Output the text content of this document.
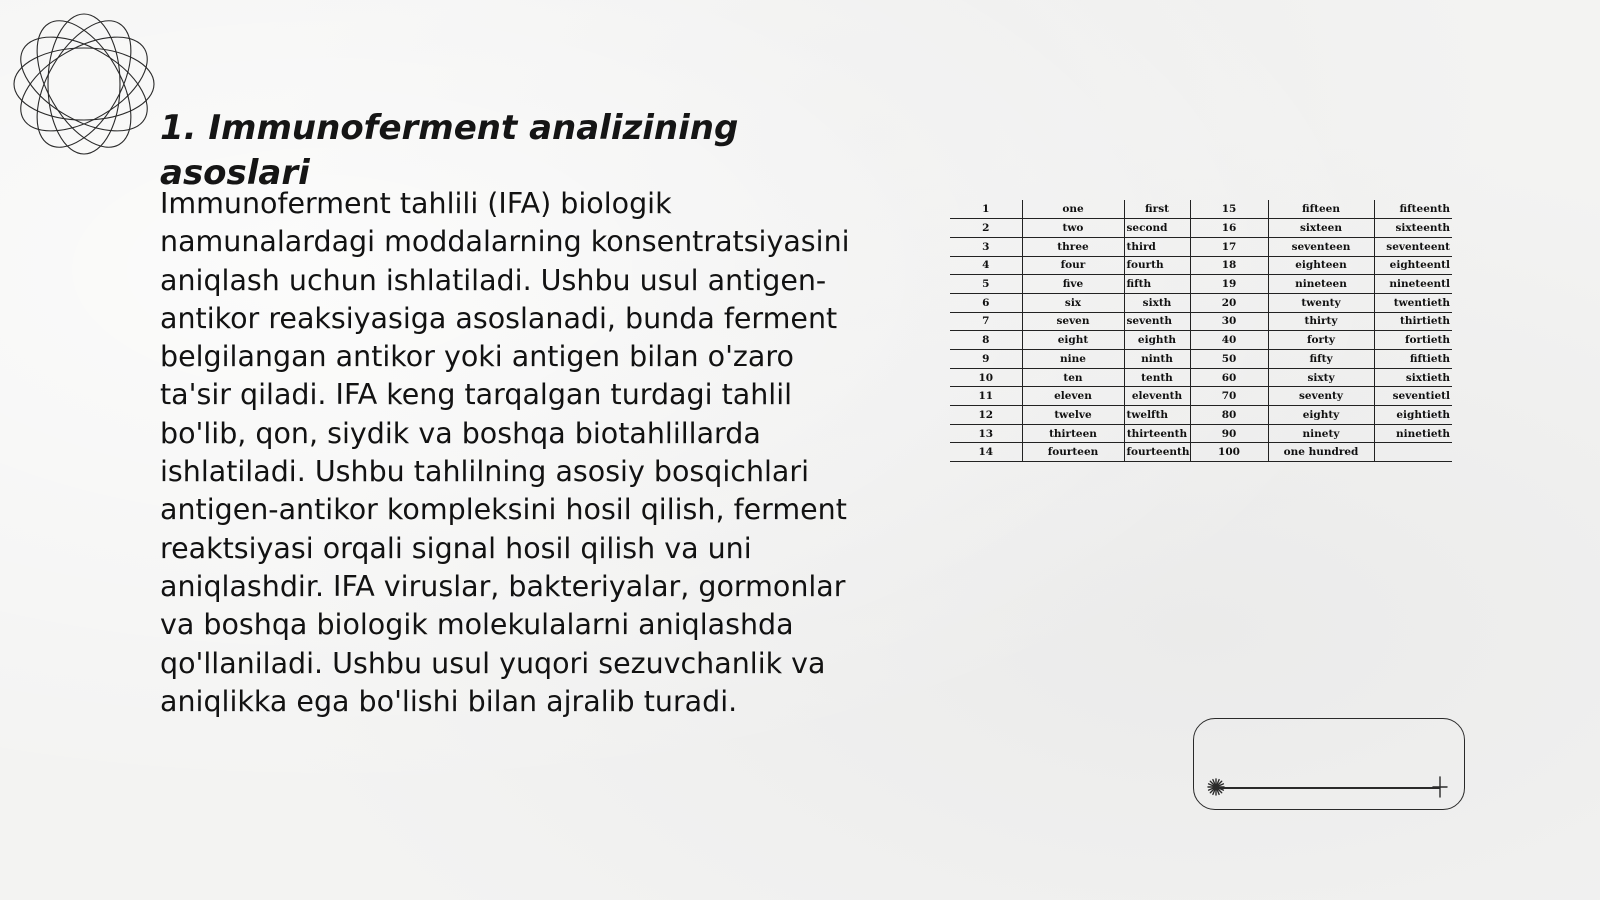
1. Immunoferment analizining asoslari

Immunoferment tahlili (IFA) biologik namunalardagi moddalarning konsentratsiyasini aniqlash uchun ishlatiladi. Ushbu usul antigen-antikor reaksiyasiga asoslanadi, bunda ferment belgilangan antikor yoki antigen bilan o'zaro ta'sir qiladi. IFA keng tarqalgan turdagi tahlil bo'lib, qon, siydik va boshqa biotahlillarda ishlatiladi. Ushbu tahlilning asosiy bosqichlari antigen-antikor kompleksini hosil qilish, ferment reaktsiyasi orqali signal hosil qilish va uni aniqlashdir. IFA viruslar, bakteriyalar, gormonlar va boshqa biologik molekulalarni aniqlashda qo'llaniladi. Ushbu usul yuqori sezuvchanlik va aniqlikka ega bo'lishi bilan ajralib turadi.

1	one	first	15	fifteen	fifteenth
2	two	second	16	sixteen	sixteenth
3	three	third	17	seventeen	seventeent
4	four	fourth	18	eighteen	eighteentl
5	five	fifth	19	nineteen	nineteentl
6	six	sixth	20	twenty	twentieth
7	seven	seventh	30	thirty	thirtieth
8	eight	eighth	40	forty	fortieth
9	nine	ninth	50	fifty	fiftieth
10	ten	tenth	60	sixty	sixtieth
11	eleven	eleventh	70	seventy	seventietl
12	twelve	twelfth	80	eighty	eightieth
13	thirteen	thirteenth	90	ninety	ninetieth
14	fourteen	fourteenth	100	one hundred	
